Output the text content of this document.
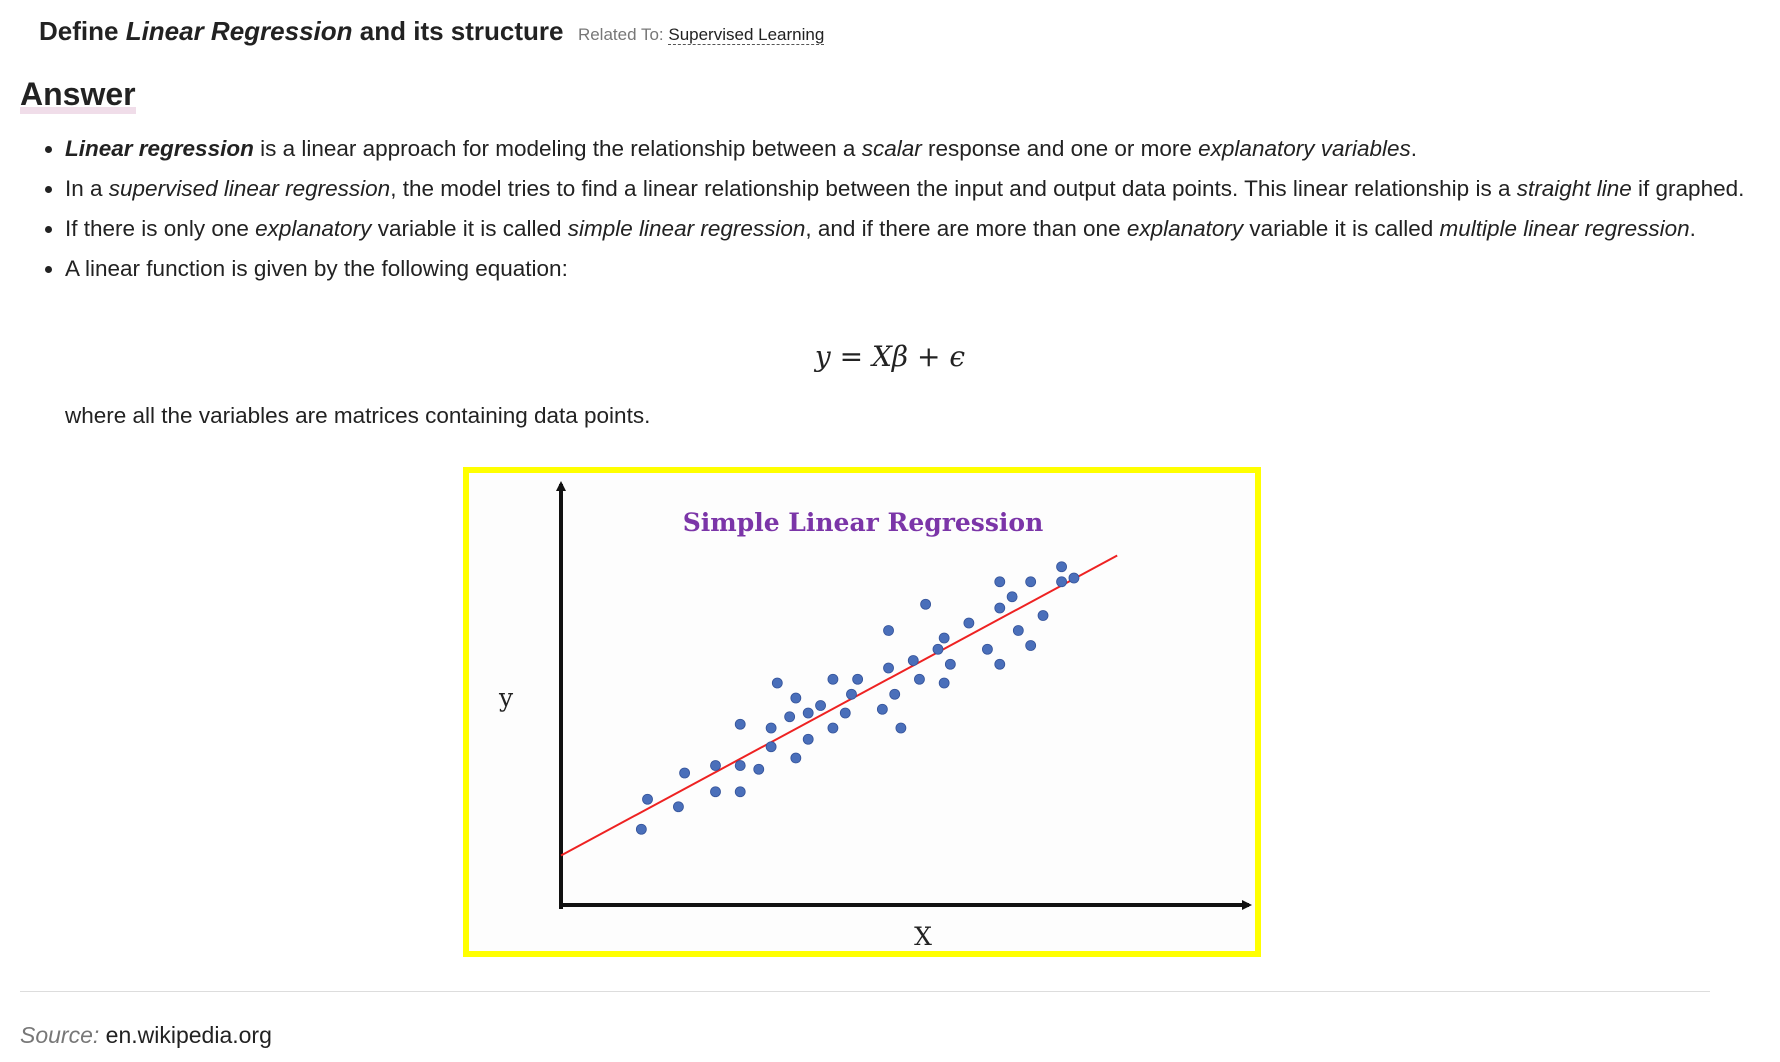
Define Linear Regression and its structure Related To: Supervised Learning
Answer
• Linear regression is a linear approach for modeling the relationship between a scalar response and one or more explanatory variables.
• In a supervised linear regression, the model tries to find a linear relationship between the input and output data points. This linear relationship is a straight line if graphed.
• If there is only one explanatory variable it is called simple linear regression, and if there are more than one explanatory variable it is called multiple linear regression.
• A linear function is given by the following equation:
y = Xβ + ϵ
where all the variables are matrices containing data points.
Simple Linear Regression
y
X
Source: en.wikipedia.org
